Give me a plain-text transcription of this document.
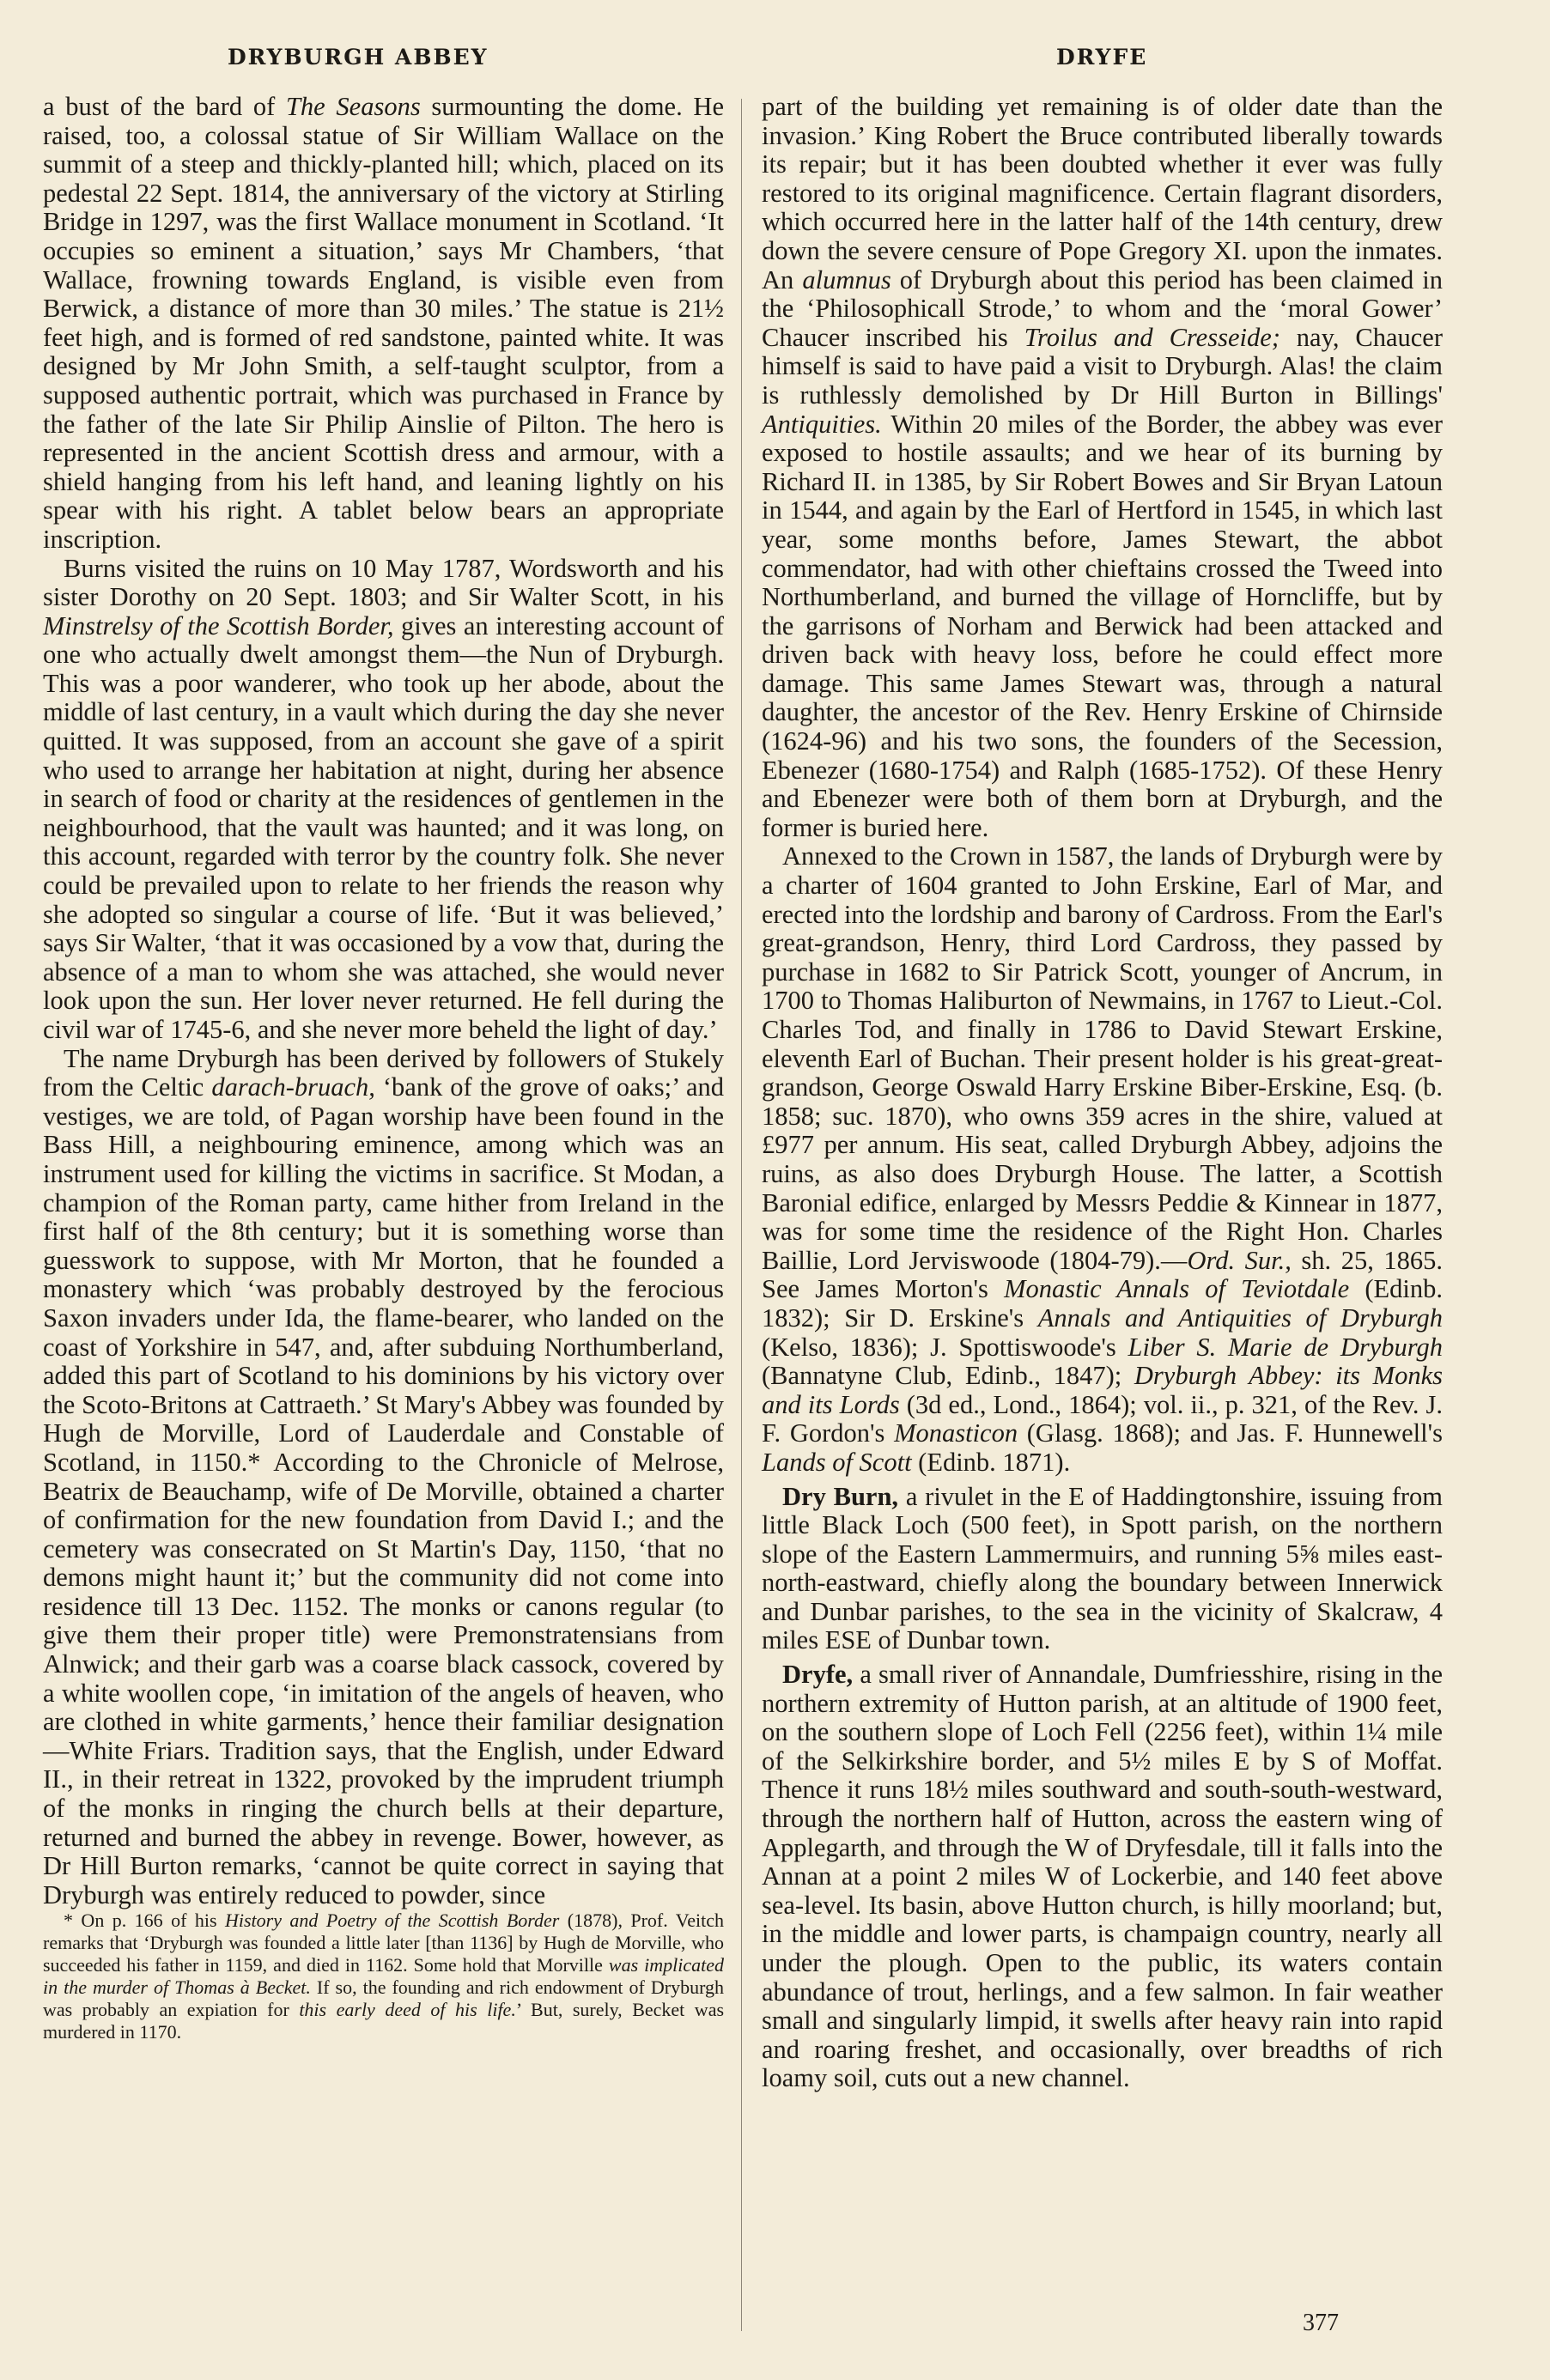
DRYBURGH ABBEY	DRYFE

a bust of the bard of The Seasons surmounting the dome. He raised, too, a colossal statue of Sir William Wallace on the summit of a steep and thickly-planted hill; which, placed on its pedestal 22 Sept. 1814, the anniversary of the victory at Stirling Bridge in 1297, was the first Wallace monument in Scotland. ‘It occupies so eminent a situation,’ says Mr Chambers, ‘that Wallace, frowning towards England, is visible even from Berwick, a distance of more than 30 miles.’ The statue is 21½ feet high, and is formed of red sandstone, painted white. It was designed by Mr John Smith, a self-taught sculptor, from a supposed authentic portrait, which was purchased in France by the father of the late Sir Philip Ainslie of Pilton. The hero is represented in the ancient Scottish dress and armour, with a shield hanging from his left hand, and leaning lightly on his spear with his right. A tablet below bears an appropriate inscription.

Burns visited the ruins on 10 May 1787, Wordsworth and his sister Dorothy on 20 Sept. 1803; and Sir Walter Scott, in his Minstrelsy of the Scottish Border, gives an interesting account of one who actually dwelt amongst them—the Nun of Dryburgh. This was a poor wanderer, who took up her abode, about the middle of last century, in a vault which during the day she never quitted. It was supposed, from an account she gave of a spirit who used to arrange her habitation at night, during her absence in search of food or charity at the residences of gentlemen in the neighbourhood, that the vault was haunted; and it was long, on this account, regarded with terror by the country folk. She never could be prevailed upon to relate to her friends the reason why she adopted so singular a course of life. ‘But it was believed,’ says Sir Walter, ‘that it was occasioned by a vow that, during the absence of a man to whom she was attached, she would never look upon the sun. Her lover never returned. He fell during the civil war of 1745-6, and she never more beheld the light of day.’

The name Dryburgh has been derived by followers of Stukely from the Celtic darach-bruach, ‘bank of the grove of oaks;’ and vestiges, we are told, of Pagan worship have been found in the Bass Hill, a neighbouring eminence, among which was an instrument used for killing the victims in sacrifice. St Modan, a champion of the Roman party, came hither from Ireland in the first half of the 8th century; but it is something worse than guesswork to suppose, with Mr Morton, that he founded a monastery which ‘was probably destroyed by the ferocious Saxon invaders under Ida, the flame-bearer, who landed on the coast of Yorkshire in 547, and, after subduing Northumberland, added this part of Scotland to his dominions by his victory over the Scoto-Britons at Cattraeth.’ St Mary's Abbey was founded by Hugh de Morville, Lord of Lauderdale and Constable of Scotland, in 1150.* According to the Chronicle of Melrose, Beatrix de Beauchamp, wife of De Morville, obtained a charter of confirmation for the new foundation from David I.; and the cemetery was consecrated on St Martin's Day, 1150, ‘that no demons might haunt it;’ but the community did not come into residence till 13 Dec. 1152. The monks or canons regular (to give them their proper title) were Premonstratensians from Alnwick; and their garb was a coarse black cassock, covered by a white woollen cope, ‘in imitation of the angels of heaven, who are clothed in white garments,’ hence their familiar designation—White Friars. Tradition says, that the English, under Edward II., in their retreat in 1322, provoked by the imprudent triumph of the monks in ringing the church bells at their departure, returned and burned the abbey in revenge. Bower, however, as Dr Hill Burton remarks, ‘cannot be quite correct in saying that Dryburgh was entirely reduced to powder, since

* On p. 166 of his History and Poetry of the Scottish Border (1878), Prof. Veitch remarks that ‘Dryburgh was founded a little later [than 1136] by Hugh de Morville, who succeeded his father in 1159, and died in 1162. Some hold that Morville was implicated in the murder of Thomas à Becket. If so, the founding and rich endowment of Dryburgh was probably an expiation for this early deed of his life.’ But, surely, Becket was murdered in 1170.

part of the building yet remaining is of older date than the invasion.’ King Robert the Bruce contributed liberally towards its repair; but it has been doubted whether it ever was fully restored to its original magnificence. Certain flagrant disorders, which occurred here in the latter half of the 14th century, drew down the severe censure of Pope Gregory XI. upon the inmates. An alumnus of Dryburgh about this period has been claimed in the ‘Philosophicall Strode,’ to whom and the ‘moral Gower’ Chaucer inscribed his Troilus and Cresseide; nay, Chaucer himself is said to have paid a visit to Dryburgh. Alas! the claim is ruthlessly demolished by Dr Hill Burton in Billings' Antiquities. Within 20 miles of the Border, the abbey was ever exposed to hostile assaults; and we hear of its burning by Richard II. in 1385, by Sir Robert Bowes and Sir Bryan Latoun in 1544, and again by the Earl of Hertford in 1545, in which last year, some months before, James Stewart, the abbot commendator, had with other chieftains crossed the Tweed into Northumberland, and burned the village of Horncliffe, but by the garrisons of Norham and Berwick had been attacked and driven back with heavy loss, before he could effect more damage. This same James Stewart was, through a natural daughter, the ancestor of the Rev. Henry Erskine of Chirnside (1624-96) and his two sons, the founders of the Secession, Ebenezer (1680-1754) and Ralph (1685-1752). Of these Henry and Ebenezer were both of them born at Dryburgh, and the former is buried here.

Annexed to the Crown in 1587, the lands of Dryburgh were by a charter of 1604 granted to John Erskine, Earl of Mar, and erected into the lordship and barony of Cardross. From the Earl's great-grandson, Henry, third Lord Cardross, they passed by purchase in 1682 to Sir Patrick Scott, younger of Ancrum, in 1700 to Thomas Haliburton of Newmains, in 1767 to Lieut.-Col. Charles Tod, and finally in 1786 to David Stewart Erskine, eleventh Earl of Buchan. Their present holder is his great-great-grandson, George Oswald Harry Erskine Biber-Erskine, Esq. (b. 1858; suc. 1870), who owns 359 acres in the shire, valued at £977 per annum. His seat, called Dryburgh Abbey, adjoins the ruins, as also does Dryburgh House. The latter, a Scottish Baronial edifice, enlarged by Messrs Peddie & Kinnear in 1877, was for some time the residence of the Right Hon. Charles Baillie, Lord Jerviswoode (1804-79).—Ord. Sur., sh. 25, 1865. See James Morton's Monastic Annals of Teviotdale (Edinb. 1832); Sir D. Erskine's Annals and Antiquities of Dryburgh (Kelso, 1836); J. Spottiswoode's Liber S. Marie de Dryburgh (Bannatyne Club, Edinb., 1847); Dryburgh Abbey: its Monks and its Lords (3d ed., Lond., 1864); vol. ii., p. 321, of the Rev. J. F. Gordon's Monasticon (Glasg. 1868); and Jas. F. Hunnewell's Lands of Scott (Edinb. 1871).

Dry Burn, a rivulet in the E of Haddingtonshire, issuing from little Black Loch (500 feet), in Spott parish, on the northern slope of the Eastern Lammermuirs, and running 5⅝ miles east-north-eastward, chiefly along the boundary between Innerwick and Dunbar parishes, to the sea in the vicinity of Skalcraw, 4 miles ESE of Dunbar town.

Dryfe, a small river of Annandale, Dumfriesshire, rising in the northern extremity of Hutton parish, at an altitude of 1900 feet, on the southern slope of Loch Fell (2256 feet), within 1¼ mile of the Selkirkshire border, and 5½ miles E by S of Moffat. Thence it runs 18½ miles southward and south-south-westward, through the northern half of Hutton, across the eastern wing of Applegarth, and through the W of Dryfesdale, till it falls into the Annan at a point 2 miles W of Lockerbie, and 140 feet above sea-level. Its basin, above Hutton church, is hilly moorland; but, in the middle and lower parts, is champaign country, nearly all under the plough. Open to the public, its waters contain abundance of trout, herlings, and a few salmon. In fair weather small and singularly limpid, it swells after heavy rain into rapid and roaring freshet, and occasionally, over breadths of rich loamy soil, cuts out a new channel.

377
